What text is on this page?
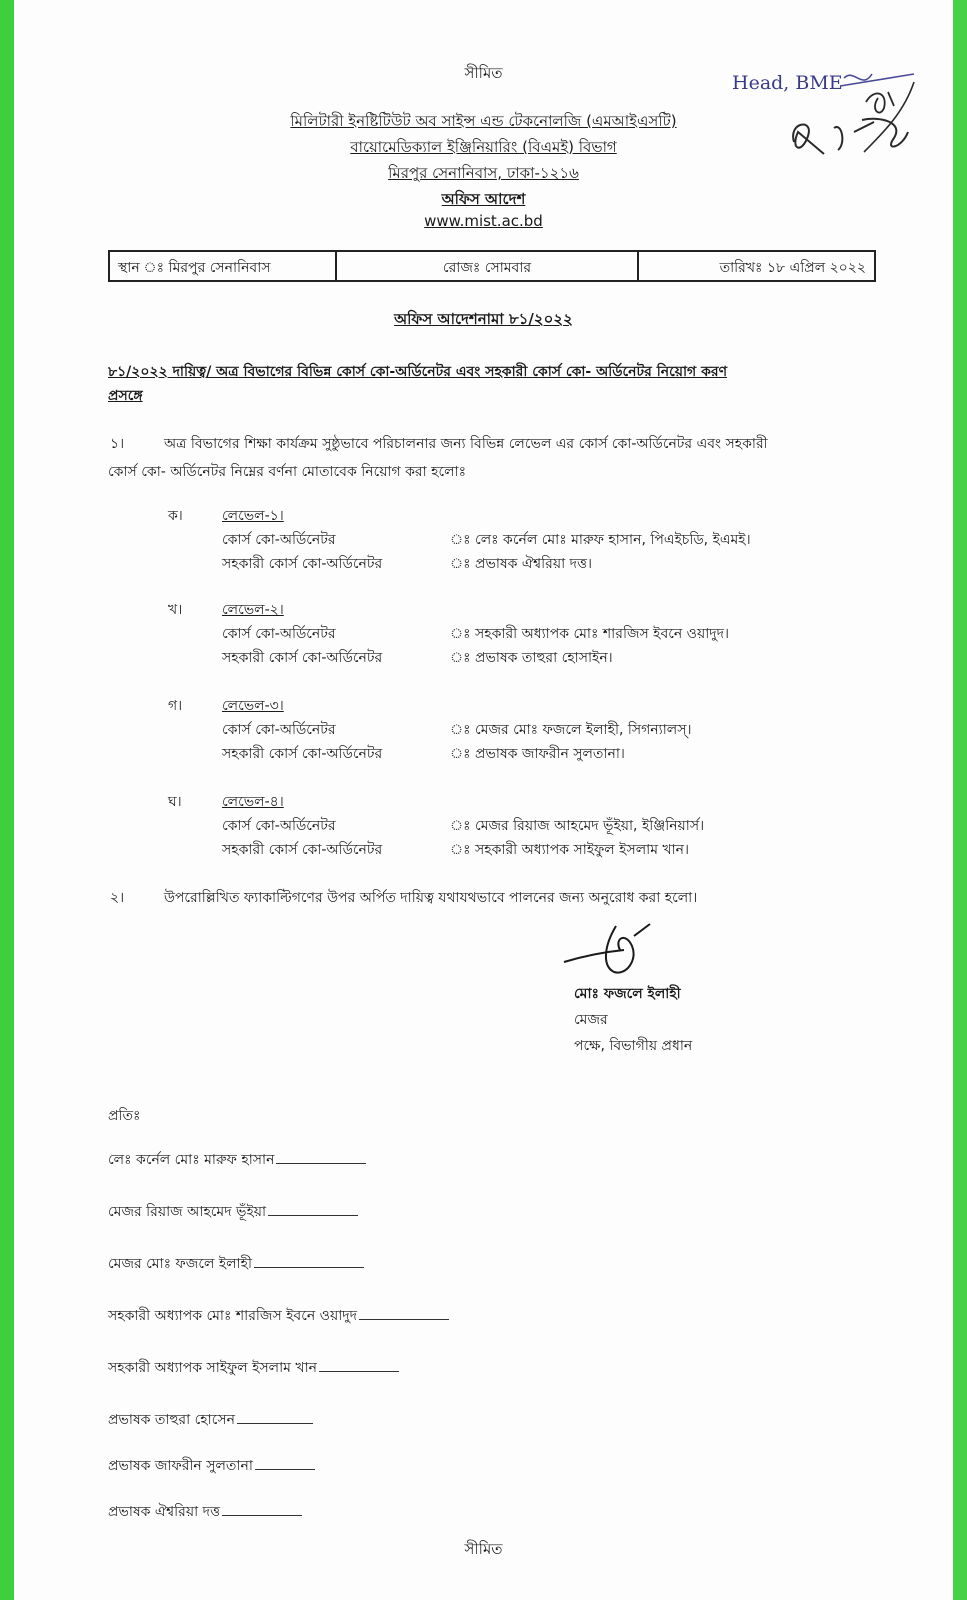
সীমিত	Head, BME
মিলিটারী ইনষ্টিটিউট অব সাইন্স এন্ড টেকনোলজি (এমআইএসটি)
বায়োমেডিক্যাল ইঞ্জিনিয়ারিং (বিএমই) বিভাগ
মিরপুর সেনানিবাস, ঢাকা-১২১৬
অফিস আদেশ
www.mist.ac.bd
স্থান ঃ মিরপুর সেনানিবাস	রোজঃ সোমবার	তারিখঃ ১৮ এপ্রিল ২০২২
অফিস আদেশনামা ৮১/২০২২
৮১/২০২২ দায়িত্ব/ অত্র বিভাগের বিভিন্ন কোর্স কো-অর্ডিনেটর এবং সহকারী কোর্স কো- অর্ডিনেটর নিয়োগ করণ
প্রসঙ্গে
১।	অত্র বিভাগের শিক্ষা কার্যক্রম সুষ্ঠুভাবে পরিচালনার জন্য বিভিন্ন লেভেল এর কোর্স কো-অর্ডিনেটর এবং সহকারী
কোর্স কো- অর্ডিনেটর নিম্নের বর্ণনা মোতাবেক নিয়োগ করা হলোঃ
ক।	লেভেল-১।
কোর্স কো-অর্ডিনেটর	ঃ লেঃ কর্নেল মোঃ মারুফ হাসান, পিএইচডি, ইএমই।
সহকারী কোর্স কো-অর্ডিনেটর	ঃ প্রভাষক ঐশ্বরিয়া দত্ত।
খ।	লেভেল-২।
কোর্স কো-অর্ডিনেটর	ঃ সহকারী অধ্যাপক মোঃ শারজিস ইবনে ওয়াদুদ।
সহকারী কোর্স কো-অর্ডিনেটর	ঃ প্রভাষক তাহুরা হোসাইন।
গ।	লেভেল-৩।
কোর্স কো-অর্ডিনেটর	ঃ মেজর মোঃ ফজলে ইলাহী, সিগন্যালস্।
সহকারী কোর্স কো-অর্ডিনেটর	ঃ প্রভাষক জাফরীন সুলতানা।
ঘ।	লেভেল-৪।
কোর্স কো-অর্ডিনেটর	ঃ মেজর রিয়াজ আহমেদ ভূঁইয়া, ইঞ্জিনিয়ার্স।
সহকারী কোর্স কো-অর্ডিনেটর	ঃ সহকারী অধ্যাপক সাইফুল ইসলাম খান।
২।	উপরোল্লিখিত ফ্যাকাল্টিগণের উপর অর্পিত দায়িত্ব যথাযথভাবে পালনের জন্য অনুরোধ করা হলো।
মোঃ ফজলে ইলাহী
মেজর
পক্ষে, বিভাগীয় প্রধান
প্রতিঃ
লেঃ কর্নেল মোঃ মারুফ হাসান
মেজর রিয়াজ আহমেদ ভূঁইয়া
মেজর মোঃ ফজলে ইলাহী
সহকারী অধ্যাপক মোঃ শারজিস ইবনে ওয়াদুদ
সহকারী অধ্যাপক সাইফুল ইসলাম খান
প্রভাষক তাহুরা হোসেন
প্রভাষক জাফরীন সুলতানা
প্রভাষক ঐশ্বরিয়া দত্ত
সীমিত
